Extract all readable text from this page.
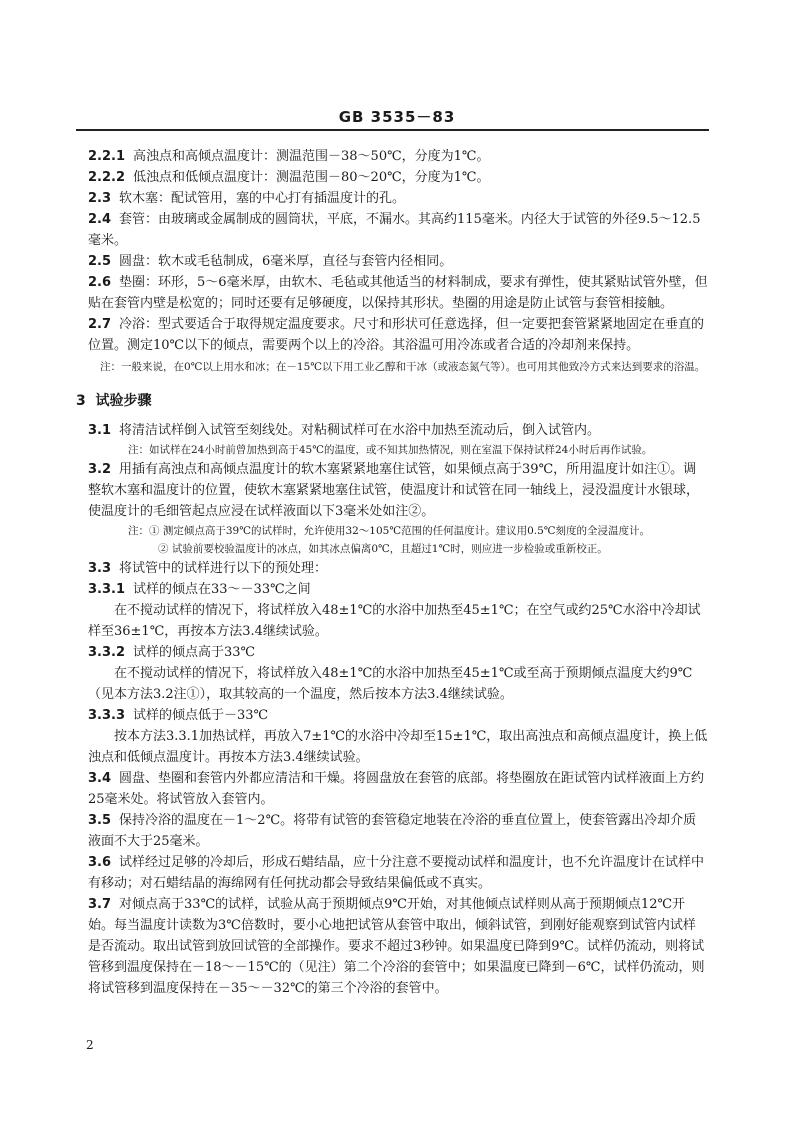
GB 3535－83

2.2.1 高浊点和高倾点温度计：测温范围－38～50℃，分度为1℃。

2.2.2 低浊点和低倾点温度计：测温范围－80～20℃，分度为1℃。

2.3 软木塞：配试管用，塞的中心打有插温度计的孔。

2.4 套管：由玻璃或金属制成的圆筒状，平底，不漏水。其高约115毫米。内径大于试管的外径9.5～12.5毫米。

2.5 圆盘：软木或毛毡制成，6毫米厚，直径与套管内径相同。

2.6 垫圈：环形，5～6毫米厚，由软木、毛毡或其他适当的材料制成，要求有弹性，使其紧贴试管外壁，但贴在套管内壁是松宽的；同时还要有足够硬度，以保持其形状。垫圈的用途是防止试管与套管相接触。

2.7 冷浴：型式要适合于取得规定温度要求。尺寸和形状可任意选择，但一定要把套管紧紧地固定在垂直的位置。测定10℃以下的倾点，需要两个以上的冷浴。其浴温可用冷冻或者合适的冷却剂来保持。

注：一般来说，在0℃以上用水和冰；在－15℃以下用工业乙醇和干冰（或液态氮气等）。也可用其他致冷方式来达到要求的浴温。

3 试验步骤

3.1 将清洁试样倒入试管至刻线处。对粘稠试样可在水浴中加热至流动后，倒入试管内。

注：如试样在24小时前曾加热到高于45℃的温度，或不知其加热情况，则在室温下保持试样24小时后再作试验。

3.2 用插有高浊点和高倾点温度计的软木塞紧紧地塞住试管，如果倾点高于39℃，所用温度计如注①。调整软木塞和温度计的位置，使软木塞紧紧地塞住试管，使温度计和试管在同一轴线上，浸没温度计水银球，使温度计的毛细管起点应浸在试样液面以下3毫米处如注②。

注：① 测定倾点高于39℃的试样时，允许使用32～105℃范围的任何温度计。建议用0.5℃刻度的全浸温度计。

② 试验前要校验温度计的冰点，如其冰点偏离0℃，且超过1℃时，则应进一步检验或重新校正。

3.3 将试管中的试样进行以下的预处理：

3.3.1 试样的倾点在33～－33℃之间

在不搅动试样的情况下，将试样放入48±1℃的水浴中加热至45±1℃；在空气或约25℃水浴中冷却试样至36±1℃，再按本方法3.4继续试验。

3.3.2 试样的倾点高于33℃

在不搅动试样的情况下，将试样放入48±1℃的水浴中加热至45±1℃或至高于预期倾点温度大约9℃（见本方法3.2注①），取其较高的一个温度，然后按本方法3.4继续试验。

3.3.3 试样的倾点低于－33℃

按本方法3.3.1加热试样，再放入7±1℃的水浴中冷却至15±1℃，取出高浊点和高倾点温度计，换上低浊点和低倾点温度计。再按本方法3.4继续试验。

3.4 圆盘、垫圈和套管内外都应清洁和干燥。将圆盘放在套管的底部。将垫圈放在距试管内试样液面上方约25毫米处。将试管放入套管内。

3.5 保持冷浴的温度在－1～2℃。将带有试管的套管稳定地装在冷浴的垂直位置上，使套管露出冷却介质液面不大于25毫米。

3.6 试样经过足够的冷却后，形成石蜡结晶，应十分注意不要搅动试样和温度计，也不允许温度计在试样中有移动；对石蜡结晶的海绵网有任何扰动都会导致结果偏低或不真实。

3.7 对倾点高于33℃的试样，试验从高于预期倾点9℃开始，对其他倾点试样则从高于预期倾点12℃开始。每当温度计读数为3℃倍数时，要小心地把试管从套管中取出，倾斜试管，到刚好能观察到试管内试样是否流动。取出试管到放回试管的全部操作。要求不超过3秒钟。如果温度已降到9℃。试样仍流动，则将试管移到温度保持在－18～－15℃的（见注）第二个冷浴的套管中；如果温度已降到－6℃，试样仍流动，则将试管移到温度保持在－35～－32℃的第三个冷浴的套管中。

2
